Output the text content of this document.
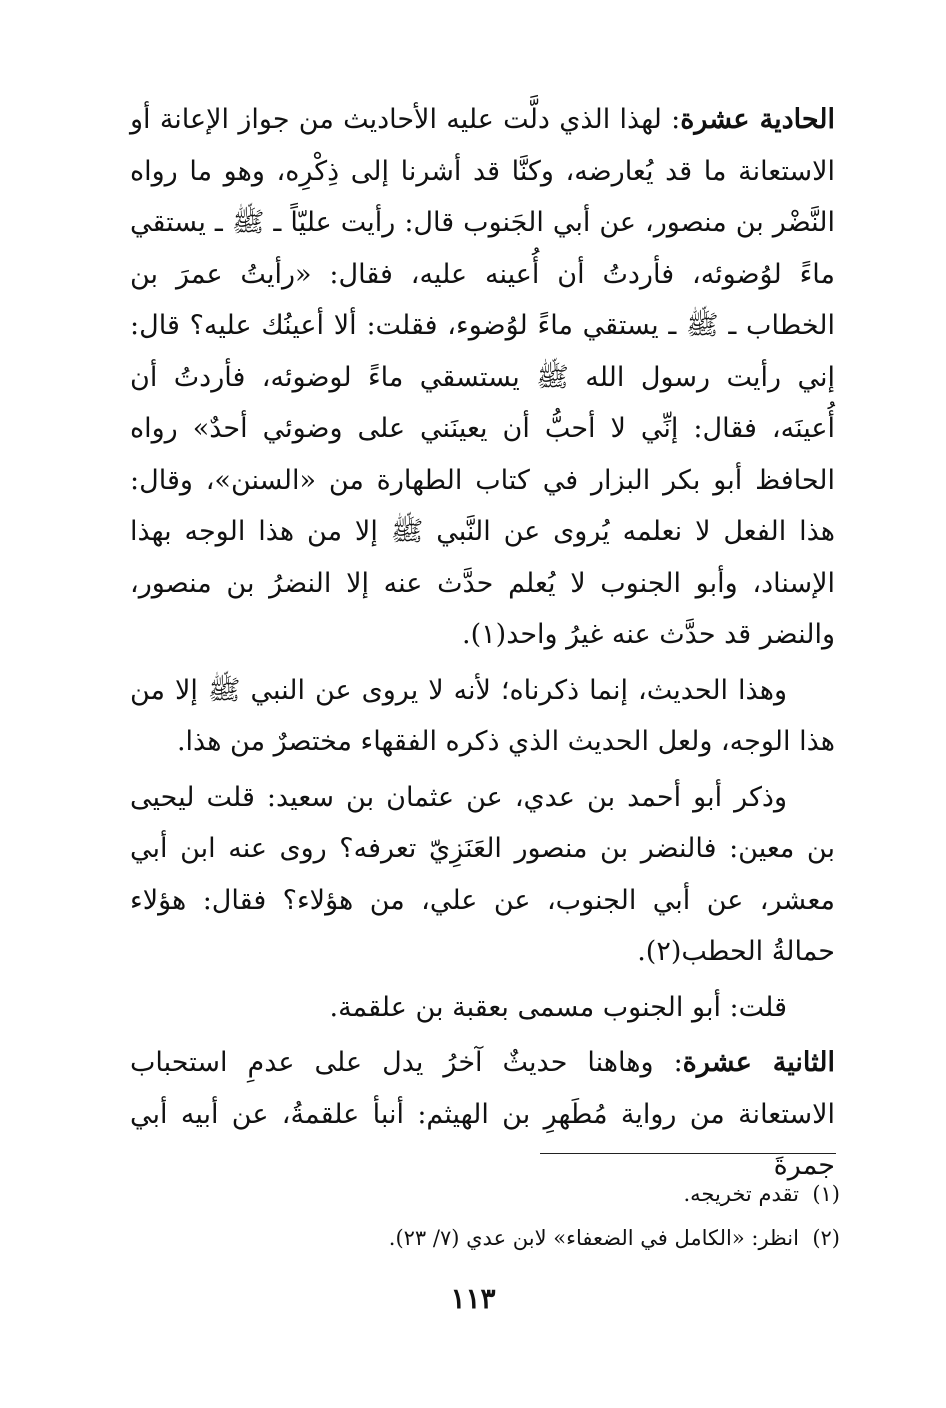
الحادية عشرة: لهذا الذي دلَّت عليه الأحاديث من جواز الإعانة أو الاستعانة ما قد يُعارضه، وكنَّا قد أشرنا إلى ذِكْرِه، وهو ما رواه النَّضْر بن منصور، عن أبي الجَنوب قال: رأيت عليّاً ـ ﷺ ـ يستقي ماءً لوُضوئه، فأردتُ أن أُعينه عليه، فقال: «رأيتُ عمرَ بن الخطاب ـ ﷺ ـ يستقي ماءً لوُضوء، فقلت: ألا أعينُك عليه؟ قال: إني رأيت رسول الله ﷺ يستسقي ماءً لوضوئه، فأردتُ أن أُعينَه، فقال: إنِّي لا أحبُّ أن يعينَني على وضوئي أحدٌ» رواه الحافظ أبو بكر البزار في كتاب الطهارة من «السنن»، وقال: هذا الفعل لا نعلمه يُروى عن النَّبي ﷺ إلا من هذا الوجه بهذا الإسناد، وأبو الجنوب لا يُعلم حدَّث عنه إلا النضرُ بن منصور، والنضر قد حدَّث عنه غيرُ واحد(١).

وهذا الحديث، إنما ذكرناه؛ لأنه لا يروى عن النبي ﷺ إلا من هذا الوجه، ولعل الحديث الذي ذكره الفقهاء مختصرٌ من هذا.

وذكر أبو أحمد بن عدي، عن عثمان بن سعيد: قلت ليحيى بن معين: فالنضر بن منصور العَنَزِيّ تعرفه؟ روى عنه ابن أبي معشر، عن أبي الجنوب، عن علي، من هؤلاء؟ فقال: هؤلاء حمالةُ الحطب(٢).

قلت: أبو الجنوب مسمى بعقبة بن علقمة.

الثانية عشرة: وهاهنا حديثٌ آخرُ يدل على عدمِ استحباب الاستعانة من رواية مُطَهرِ بن الهيثم: أنبأ علقمةُ، عن أبيه أبي جمرةَ

(١)  تقدم تخريجه.

(٢)  انظر: «الكامل في الضعفاء» لابن عدي (٧/ ٢٣).

١١٣
